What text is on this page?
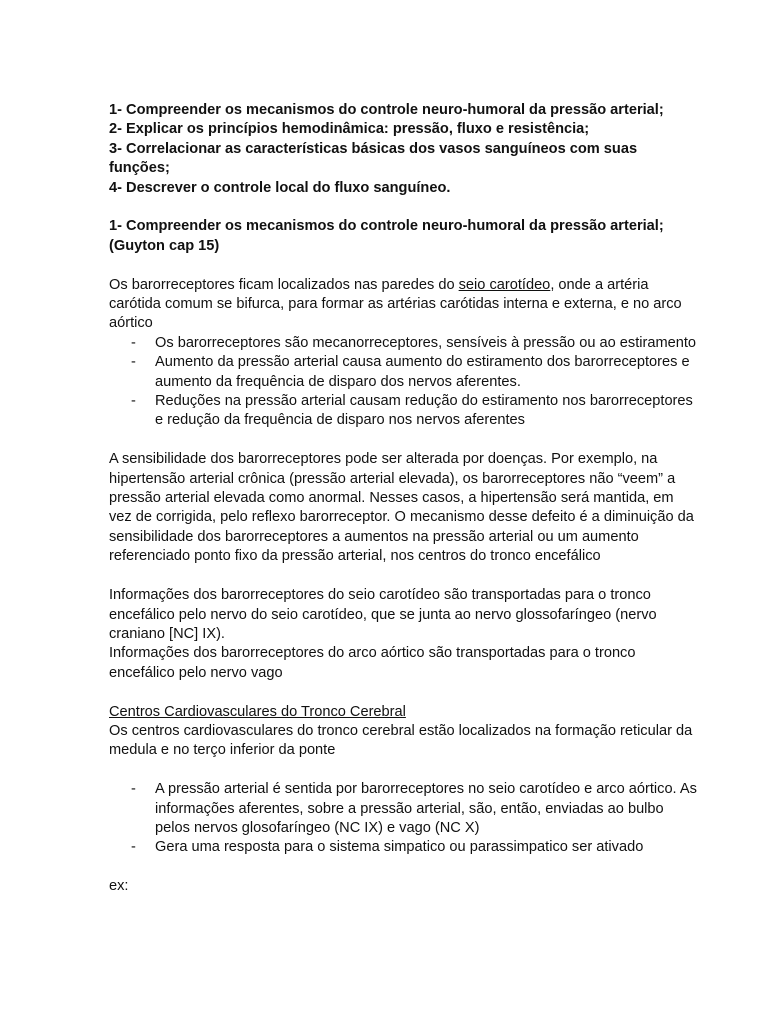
1- Compreender os mecanismos do controle neuro-humoral da pressão arterial;

2- Explicar os princípios hemodinâmica: pressão, fluxo e resistência;

3- Correlacionar as características básicas dos vasos sanguíneos com suas funções;

4- Descrever o controle local do fluxo sanguíneo.

1- Compreender os mecanismos do controle neuro-humoral da pressão arterial; (Guyton cap 15)

Os barorreceptores ficam localizados nas paredes do seio carotídeo, onde a artéria carótida comum se bifurca, para formar as artérias carótidas interna e externa, e no arco aórtico

- Os barorreceptores são mecanorreceptores, sensíveis à pressão ou ao estiramento
- Aumento da pressão arterial causa aumento do estiramento dos barorreceptores e aumento da frequência de disparo dos nervos aferentes.
- Reduções na pressão arterial causam redução do estiramento nos barorreceptores e redução da frequência de disparo nos nervos aferentes

A sensibilidade dos barorreceptores pode ser alterada por doenças. Por exemplo, na hipertensão arterial crônica (pressão arterial elevada), os barorreceptores não “veem” a pressão arterial elevada como anormal. Nesses casos, a hipertensão será mantida, em vez de corrigida, pelo reflexo barorreceptor. O mecanismo desse defeito é a diminuição da sensibilidade dos barorreceptores a aumentos na pressão arterial ou um aumento referenciado ponto fixo da pressão arterial, nos centros do tronco encefálico

Informações dos barorreceptores do seio carotídeo são transportadas para o tronco encefálico pelo nervo do seio carotídeo, que se junta ao nervo glossofaríngeo (nervo craniano [NC] IX).

Informações dos barorreceptores do arco aórtico são transportadas para o tronco encefálico pelo nervo vago

Centros Cardiovasculares do Tronco Cerebral

Os centros cardiovasculares do tronco cerebral estão localizados na formação reticular da medula e no terço inferior da ponte

- A pressão arterial é sentida por barorreceptores no seio carotídeo e arco aórtico. As informações aferentes, sobre a pressão arterial, são, então, enviadas ao bulbo pelos nervos glosofaríngeo (NC IX) e vago (NC X)
- Gera uma resposta para o sistema simpatico ou parassimpatico ser ativado

ex:
